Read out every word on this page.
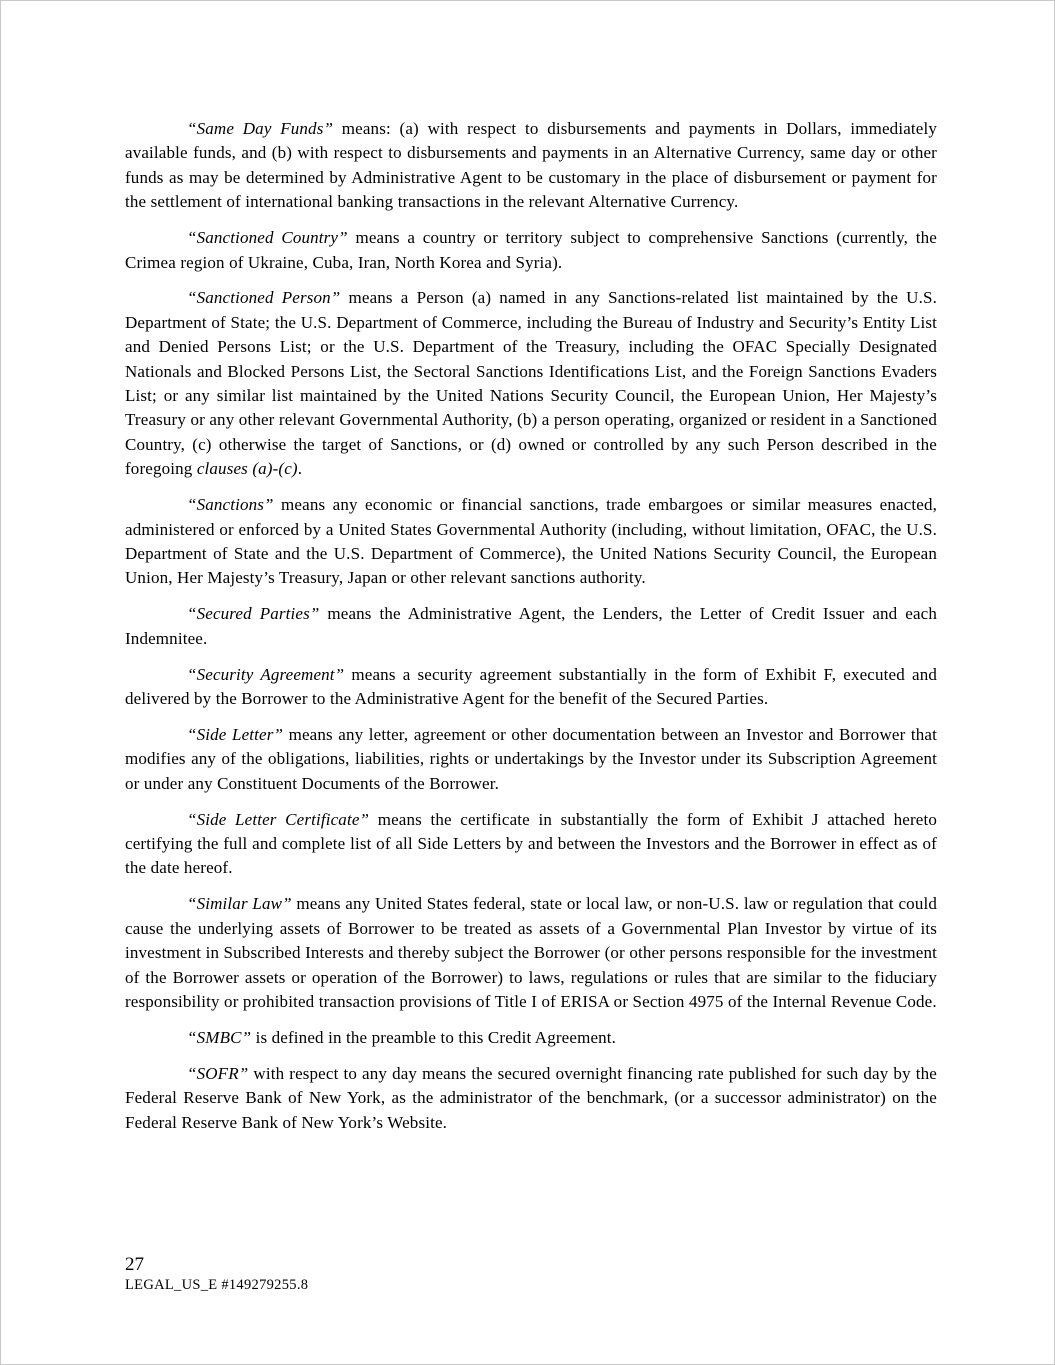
“Same Day Funds” means: (a) with respect to disbursements and payments in Dollars, immediately available funds, and (b) with respect to disbursements and payments in an Alternative Currency, same day or other funds as may be determined by Administrative Agent to be customary in the place of disbursement or payment for the settlement of international banking transactions in the relevant Alternative Currency.

“Sanctioned Country” means a country or territory subject to comprehensive Sanctions (currently, the Crimea region of Ukraine, Cuba, Iran, North Korea and Syria).

“Sanctioned Person” means a Person (a) named in any Sanctions-related list maintained by the U.S. Department of State; the U.S. Department of Commerce, including the Bureau of Industry and Security’s Entity List and Denied Persons List; or the U.S. Department of the Treasury, including the OFAC Specially Designated Nationals and Blocked Persons List, the Sectoral Sanctions Identifications List, and the Foreign Sanctions Evaders List; or any similar list maintained by the United Nations Security Council, the European Union, Her Majesty’s Treasury or any other relevant Governmental Authority, (b) a person operating, organized or resident in a Sanctioned Country, (c) otherwise the target of Sanctions, or (d) owned or controlled by any such Person described in the foregoing clauses (a)-(c).

“Sanctions” means any economic or financial sanctions, trade embargoes or similar measures enacted, administered or enforced by a United States Governmental Authority (including, without limitation, OFAC, the U.S. Department of State and the U.S. Department of Commerce), the United Nations Security Council, the European Union, Her Majesty’s Treasury, Japan or other relevant sanctions authority.

“Secured Parties” means the Administrative Agent, the Lenders, the Letter of Credit Issuer and each Indemnitee.

“Security Agreement” means a security agreement substantially in the form of Exhibit F, executed and delivered by the Borrower to the Administrative Agent for the benefit of the Secured Parties.

“Side Letter” means any letter, agreement or other documentation between an Investor and Borrower that modifies any of the obligations, liabilities, rights or undertakings by the Investor under its Subscription Agreement or under any Constituent Documents of the Borrower.

“Side Letter Certificate” means the certificate in substantially the form of Exhibit J attached hereto certifying the full and complete list of all Side Letters by and between the Investors and the Borrower in effect as of the date hereof.

“Similar Law” means any United States federal, state or local law, or non-U.S. law or regulation that could cause the underlying assets of Borrower to be treated as assets of a Governmental Plan Investor by virtue of its investment in Subscribed Interests and thereby subject the Borrower (or other persons responsible for the investment of the Borrower assets or operation of the Borrower) to laws, regulations or rules that are similar to the fiduciary responsibility or prohibited transaction provisions of Title I of ERISA or Section 4975 of the Internal Revenue Code.

“SMBC” is defined in the preamble to this Credit Agreement.

“SOFR” with respect to any day means the secured overnight financing rate published for such day by the Federal Reserve Bank of New York, as the administrator of the benchmark, (or a successor administrator) on the Federal Reserve Bank of New York’s Website.

27
LEGAL_US_E #149279255.8
